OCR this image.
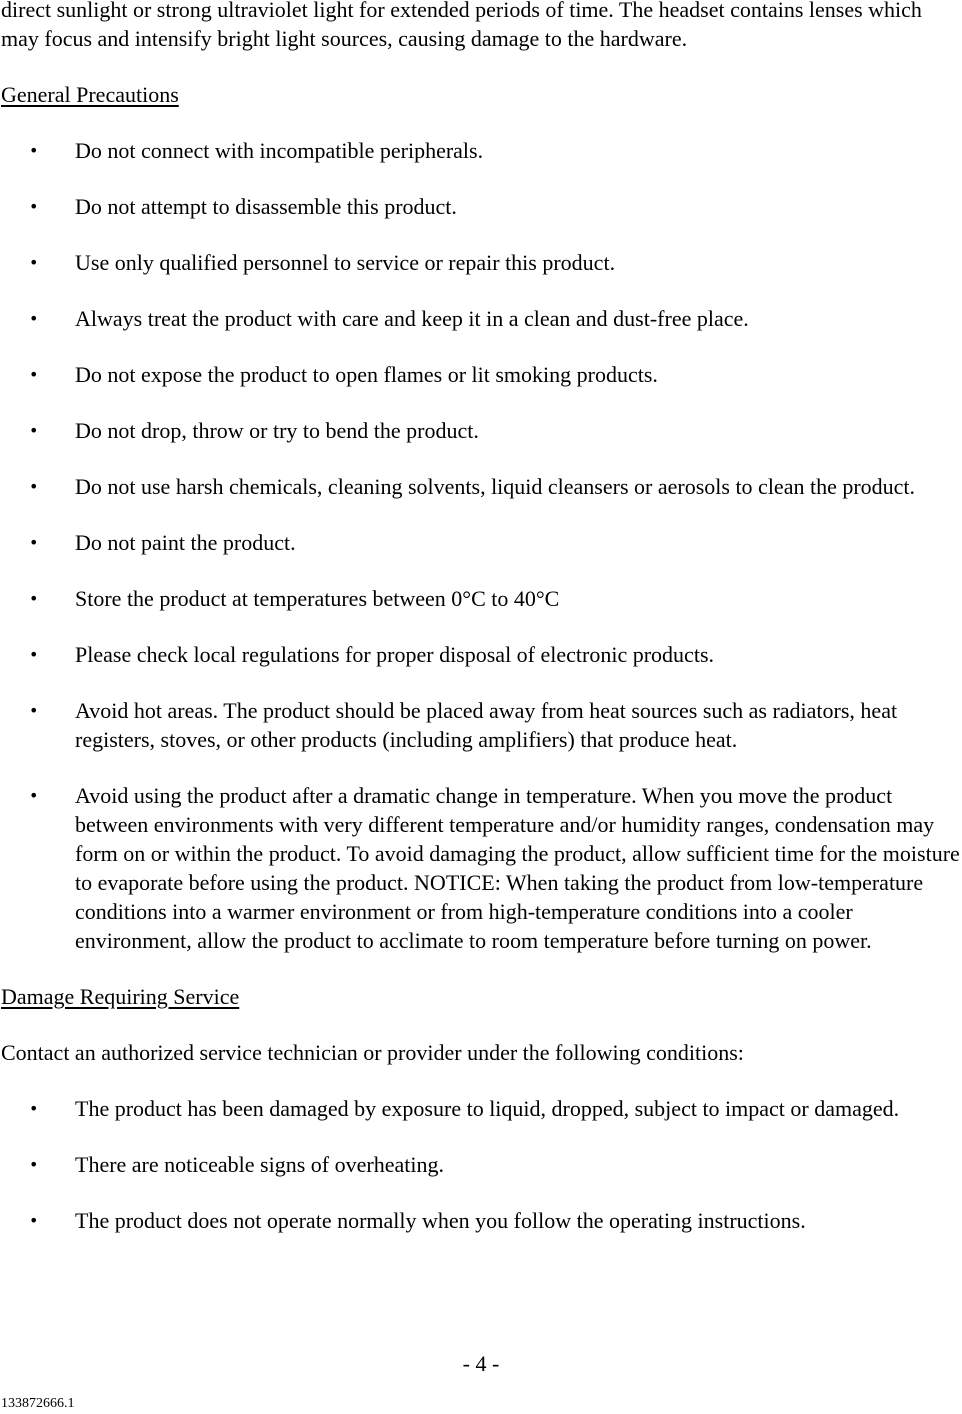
direct sunlight or strong ultraviolet light for extended periods of time. The headset contains lenses which may focus and intensify bright light sources, causing damage to the hardware.

General Precautions

• Do not connect with incompatible peripherals.
• Do not attempt to disassemble this product.
• Use only qualified personnel to service or repair this product.
• Always treat the product with care and keep it in a clean and dust-free place.
• Do not expose the product to open flames or lit smoking products.
• Do not drop, throw or try to bend the product.
• Do not use harsh chemicals, cleaning solvents, liquid cleansers or aerosols to clean the product.
• Do not paint the product.
• Store the product at temperatures between 0°C to 40°C
• Please check local regulations for proper disposal of electronic products.
• Avoid hot areas. The product should be placed away from heat sources such as radiators, heat registers, stoves, or other products (including amplifiers) that produce heat.
• Avoid using the product after a dramatic change in temperature. When you move the product between environments with very different temperature and/or humidity ranges, condensation may form on or within the product. To avoid damaging the product, allow sufficient time for the moisture to evaporate before using the product. NOTICE: When taking the product from low-temperature conditions into a warmer environment or from high-temperature conditions into a cooler environment, allow the product to acclimate to room temperature before turning on power.

Damage Requiring Service

Contact an authorized service technician or provider under the following conditions:

• The product has been damaged by exposure to liquid, dropped, subject to impact or damaged.
• There are noticeable signs of overheating.
• The product does not operate normally when you follow the operating instructions.
- 4 -
133872666.1
